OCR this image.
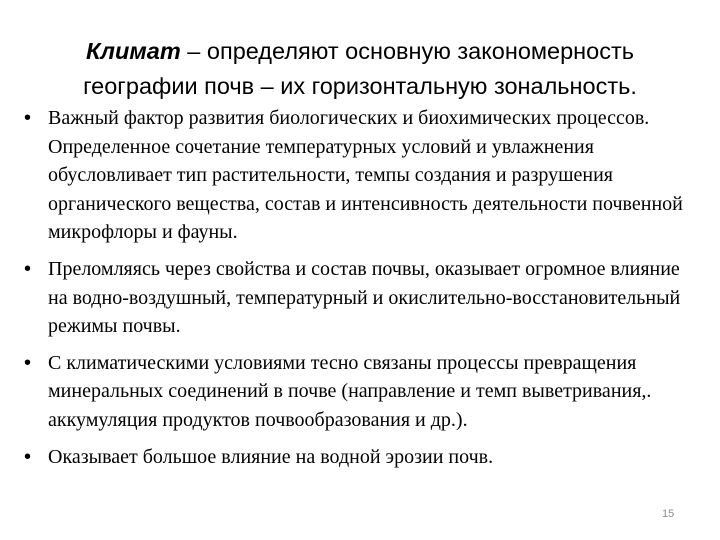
Климат – определяют основную закономерность
географии почв – их горизонтальную зональность.
• Важный фактор развития биологических и биохимических процессов. Определенное сочетание температурных условий и увлажнения обусловливает тип растительности, темпы создания и разрушения органического вещества, состав и интенсивность деятельности почвенной микрофлоры и фауны.
• Преломляясь через свойства и состав почвы, оказывает огромное влияние на водно-воздушный, температурный и окислительно-восстановительный режимы почвы.
• С климатическими условиями тесно связаны процессы превращения минеральных соединений в почве (направление и темп выветривания,. аккумуляция продуктов почвообразования и др.).
• Оказывает большое влияние на водной эрозии почв.
15
